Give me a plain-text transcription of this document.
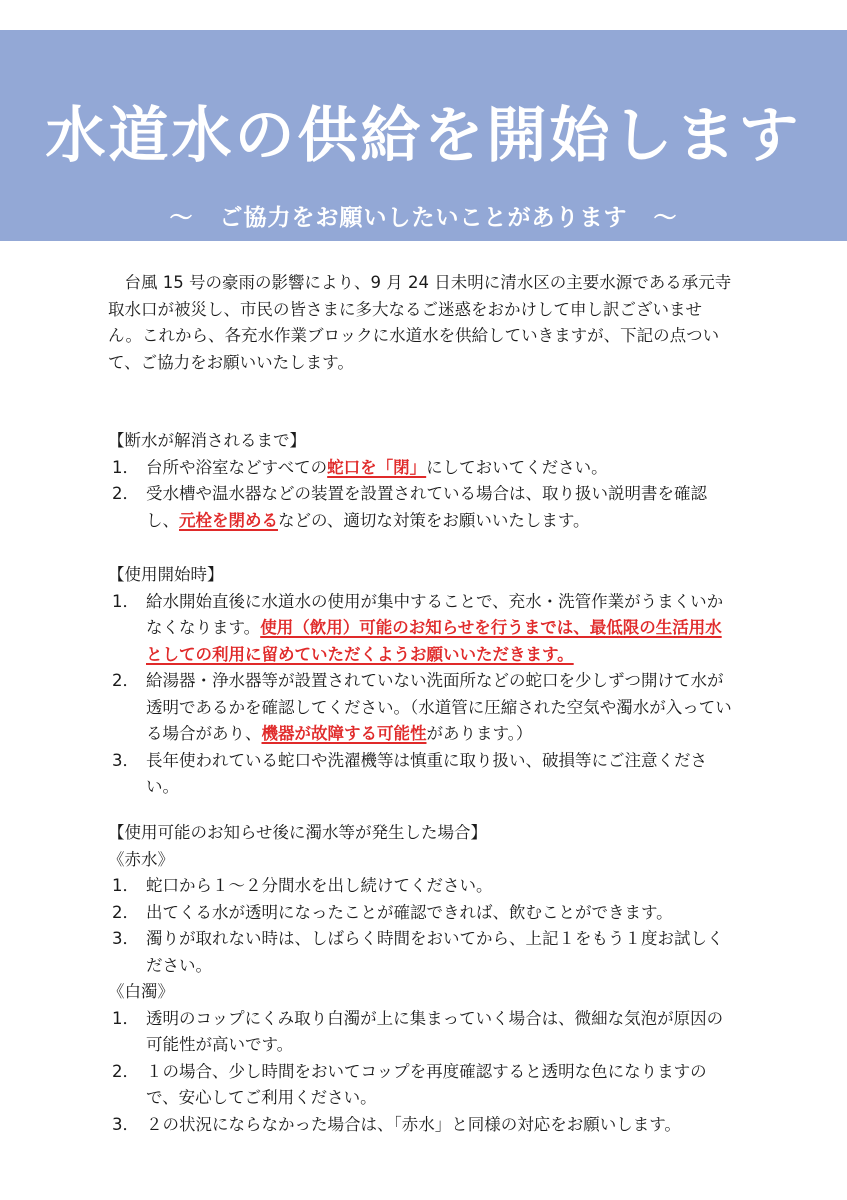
水道水の供給を開始します

～ ご協力をお願いしたいことがあります ～

台風 15 号の豪雨の影響により、9 月 24 日未明に清水区の主要水源である承元寺取水口が被災し、市民の皆さまに多大なるご迷惑をおかけして申し訳ございません。これから、各充水作業ブロックに水道水を供給していきますが、下記の点ついて、ご協力をお願いいたします。

【断水が解消されるまで】

1． 台所や浴室などすべての蛇口を「閉」にしておいてください。
2． 受水槽や温水器などの装置を設置されている場合は、取り扱い説明書を確認し、元栓を閉めるなどの、適切な対策をお願いいたします。

【使用開始時】

1． 給水開始直後に水道水の使用が集中することで、充水・洗管作業がうまくいかなくなります。使用（飲用）可能のお知らせを行うまでは、最低限の生活用水としての利用に留めていただくようお願いいただきます。
2． 給湯器・浄水器等が設置されていない洗面所などの蛇口を少しずつ開けて水が透明であるかを確認してください。（水道管に圧縮された空気や濁水が入っている場合があり、機器が故障する可能性があります。）
3． 長年使われている蛇口や洗濯機等は慎重に取り扱い、破損等にご注意ください。

【使用可能のお知らせ後に濁水等が発生した場合】

《赤水》

1． 蛇口から１～２分間水を出し続けてください。
2． 出てくる水が透明になったことが確認できれば、飲むことができます。
3． 濁りが取れない時は、しばらく時間をおいてから、上記１をもう１度お試しください。

《白濁》

1． 透明のコップにくみ取り白濁が上に集まっていく場合は、微細な気泡が原因の可能性が高いです。
2． １の場合、少し時間をおいてコップを再度確認すると透明な色になりますので、安心してご利用ください。
3． ２の状況にならなかった場合は、「赤水」と同様の対応をお願いします。
